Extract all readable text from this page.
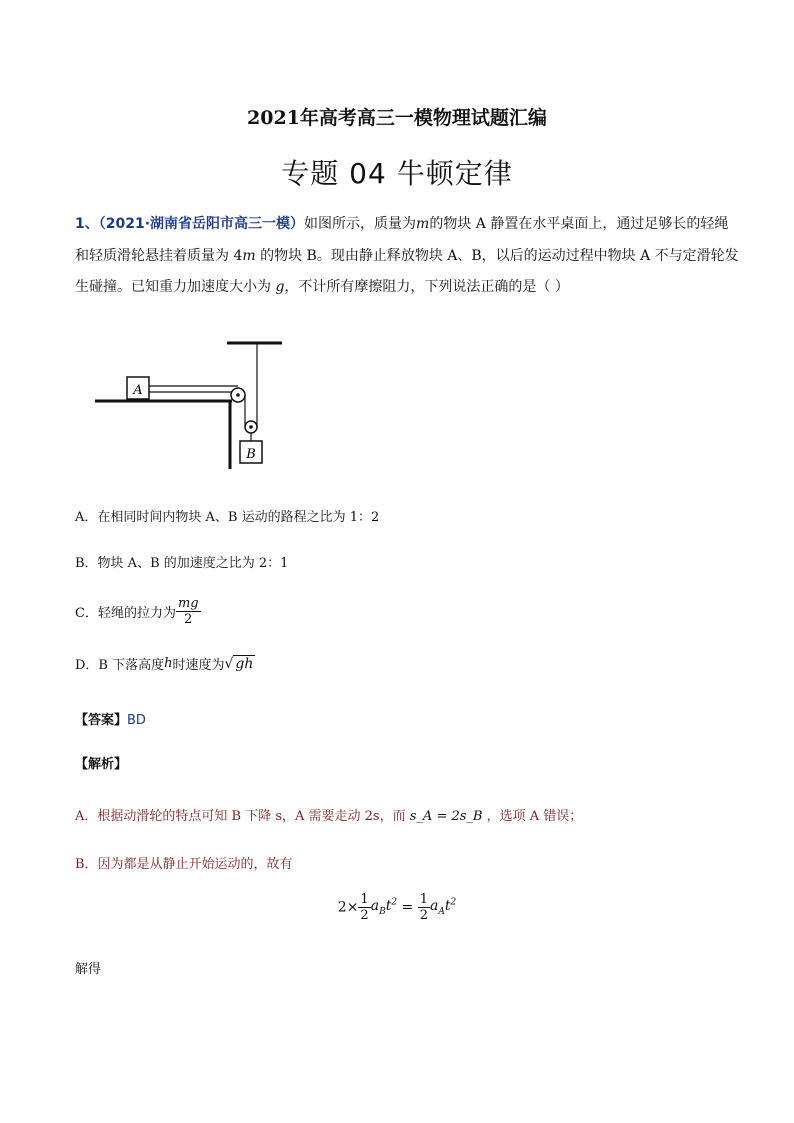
2021年高考高三一模物理试题汇编
专题 04 牛顿定律
1、（2021·湖南省岳阳市高三一模）如图所示，质量为m的物块 A 静置在水平桌面上，通过足够长的轻绳
和轻质滑轮悬挂着质量为 4m 的物块 B。现由静止释放物块 A、B，以后的运动过程中物块 A 不与定滑轮发
生碰撞。已知重力加速度大小为 g，不计所有摩擦阻力，下列说法正确的是（ ）
A
B
A．在相同时间内物块 A、B 运动的路程之比为 1：2
B．物块 A、B 的加速度之比为 2：1
C．轻绳的拉力为 $\frac{mg}{2}$
D．B 下落高度h时速度为√ gh
【答案】BD
【解析】
A．根据动滑轮的特点可知 B 下降 s，A 需要走动 2s，而 s_A = 2s_B ，选项 A 错误；
B．因为都是从静止开始运动的，故有
$2\times \frac{1}{2} a_Bt^2 = \frac{1}{2} a_At^2$
解得
